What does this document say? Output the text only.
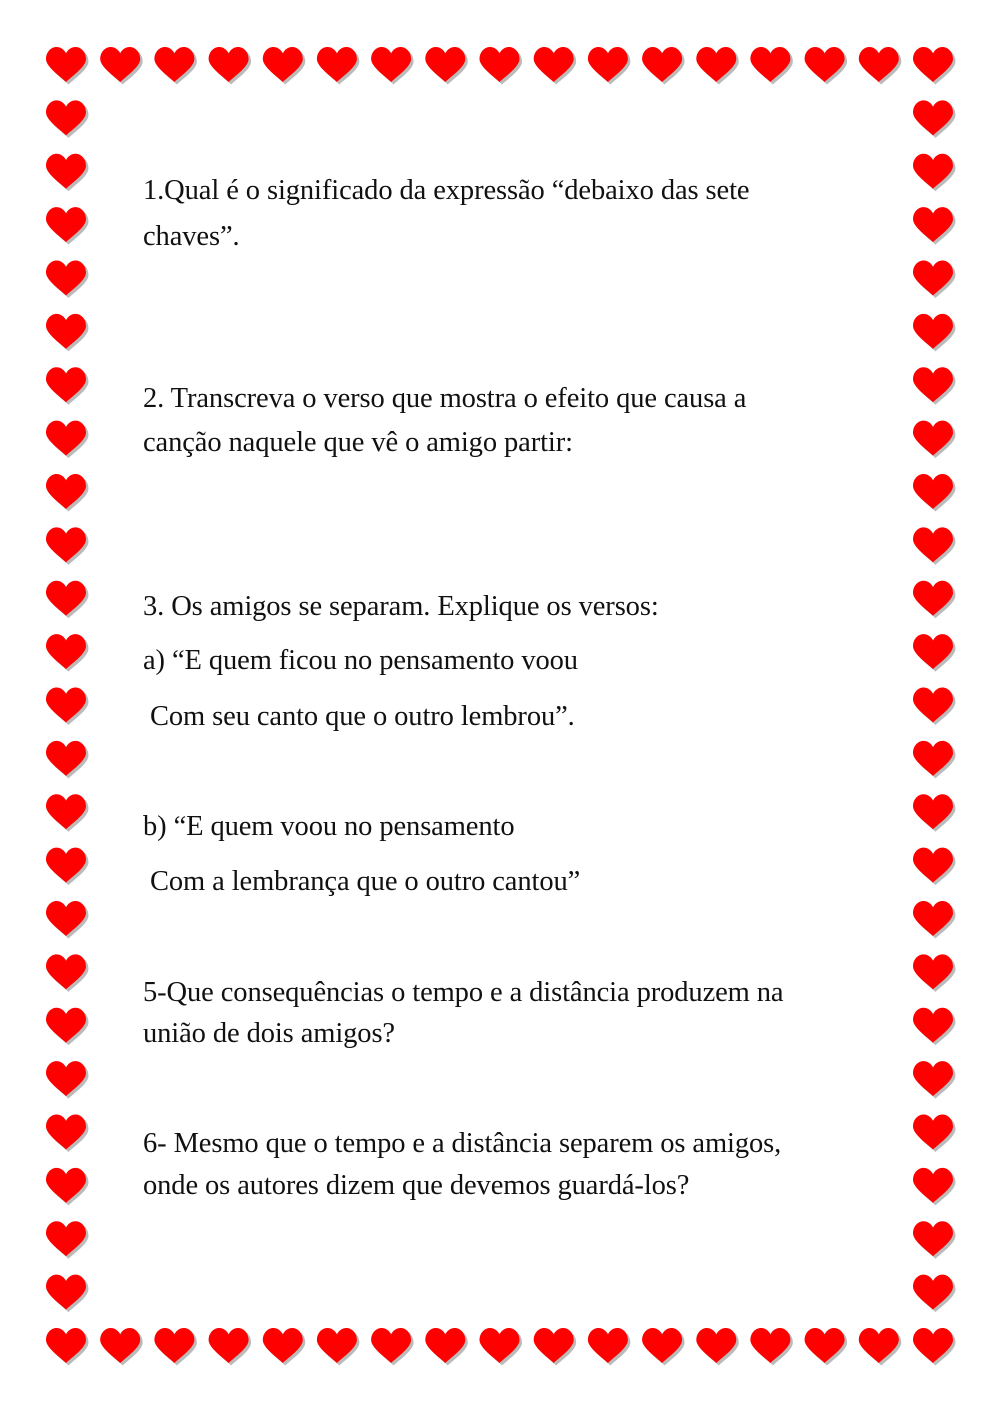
1.Qual é o significado da expressão “debaixo das sete
chaves”.
2. Transcreva o verso que mostra o efeito que causa a
canção naquele que vê o amigo partir:
3. Os amigos se separam. Explique os versos:
a) “E quem ficou no pensamento voou
Com seu canto que o outro lembrou”.
b) “E quem voou no pensamento
Com a lembrança que o outro cantou”
5-Que consequências o tempo e a distância produzem na
união de dois amigos?
6- Mesmo que o tempo e a distância separem os amigos,
onde os autores dizem que devemos guardá-los?
